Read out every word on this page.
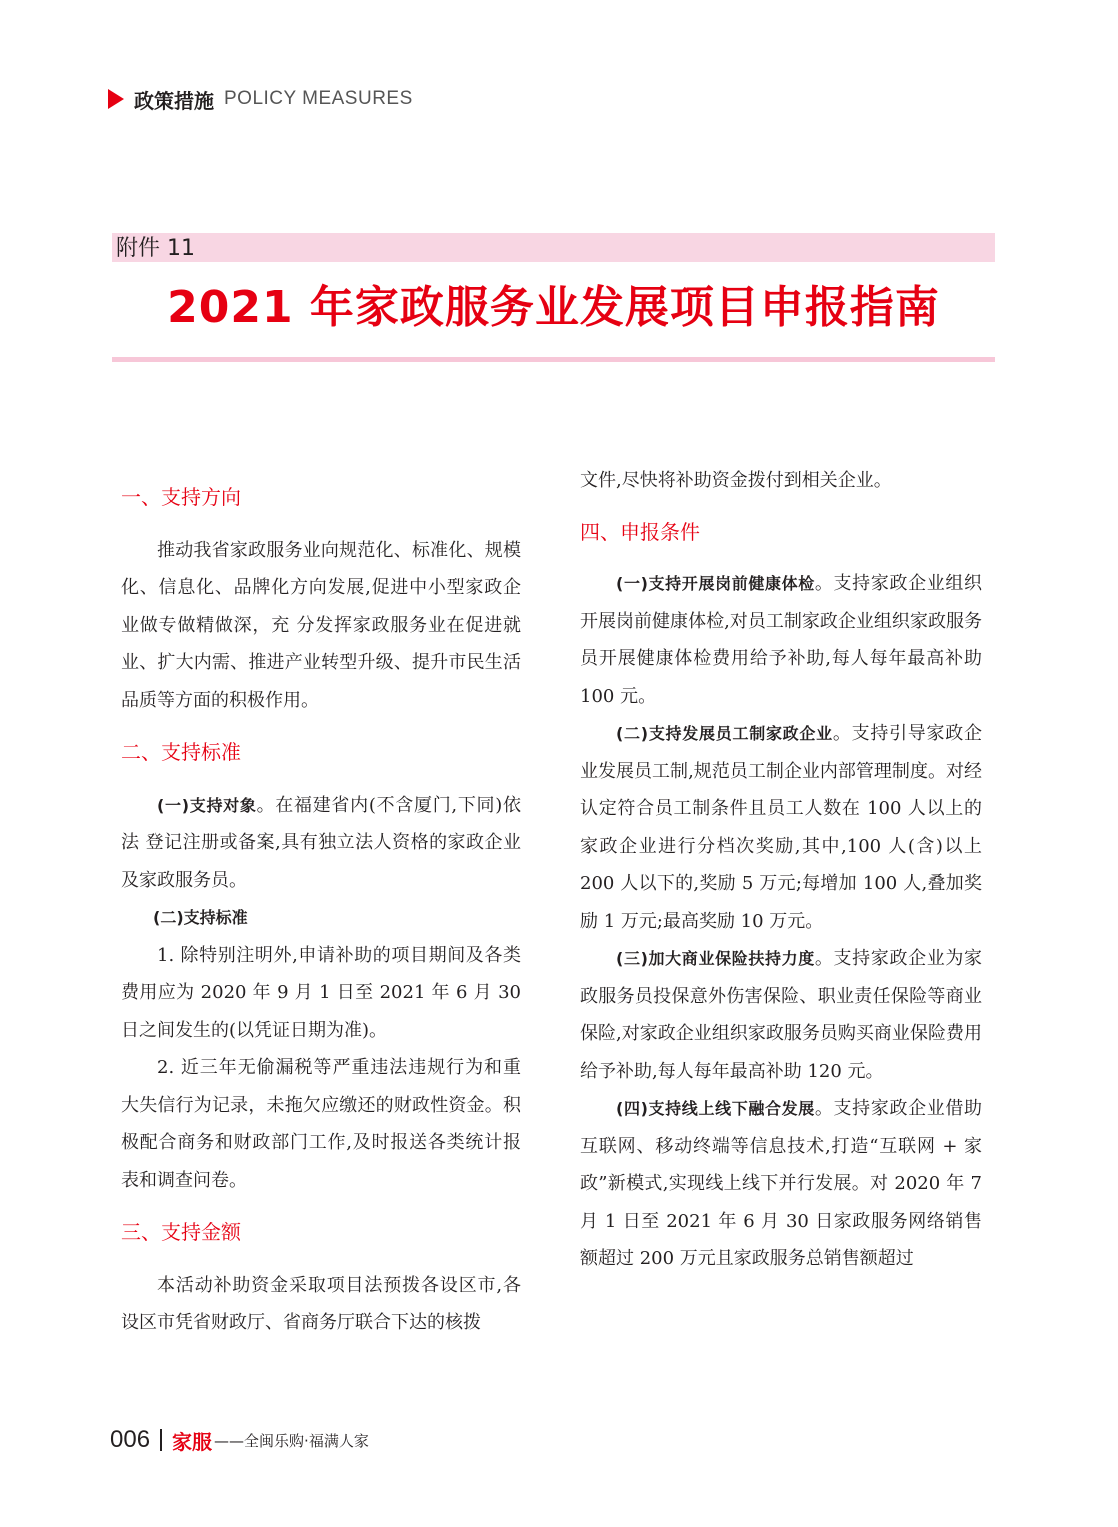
政策措施 POLICY MEASURES
附件 11
2021 年家政服务业发展项目申报指南

一、支持方向

推动我省家政服务业向规范化、标准化、规模化、信息化、品牌化方向发展,促进中小型家政企业做专做精做深，充 分发挥家政服务业在促进就业、扩大内需、推进产业转型升级、提升市民生活品质等方面的积极作用。

二、支持标准

(一)支持对象。在福建省内(不含厦门,下同)依法 登记注册或备案,具有独立法人资格的家政企业及家政服务员。

(二)支持标准

1. 除特别注明外,申请补助的项目期间及各类费用应为 2020 年 9 月 1 日至 2021 年 6 月 30 日之间发生的(以凭证日期为准)。

2. 近三年无偷漏税等严重违法违规行为和重大失信行为记录，未拖欠应缴还的财政性资金。积极配合商务和财政部门工作,及时报送各类统计报表和调查问卷。

三、支持金额

本活动补助资金采取项目法预拨各设区市,各设区市凭省财政厅、省商务厅联合下达的核拨

文件,尽快将补助资金拨付到相关企业。

四、申报条件

(一)支持开展岗前健康体检。支持家政企业组织开展岗前健康体检,对员工制家政企业组织家政服务员开展健康体检费用给予补助,每人每年最高补助 100 元。

(二)支持发展员工制家政企业。支持引导家政企业发展员工制,规范员工制企业内部管理制度。对经认定符合员工制条件且员工人数在 100 人以上的家政企业进行分档次奖励,其中,100 人(含)以上 200 人以下的,奖励 5 万元;每增加 100 人,叠加奖励 1 万元;最高奖励 10 万元。

(三)加大商业保险扶持力度。支持家政企业为家政服务员投保意外伤害保险、职业责任保险等商业保险,对家政企业组织家政服务员购买商业保险费用给予补助,每人每年最高补助 120 元。

(四)支持线上线下融合发展。支持家政企业借助互联网、移动终端等信息技术,打造“互联网 + 家政”新模式,实现线上线下并行发展。对 2020 年 7 月 1 日至 2021 年 6 月 30 日家政服务网络销售额超过 200 万元且家政服务总销售额超过

006 家服 ——全闽乐购·福满人家
